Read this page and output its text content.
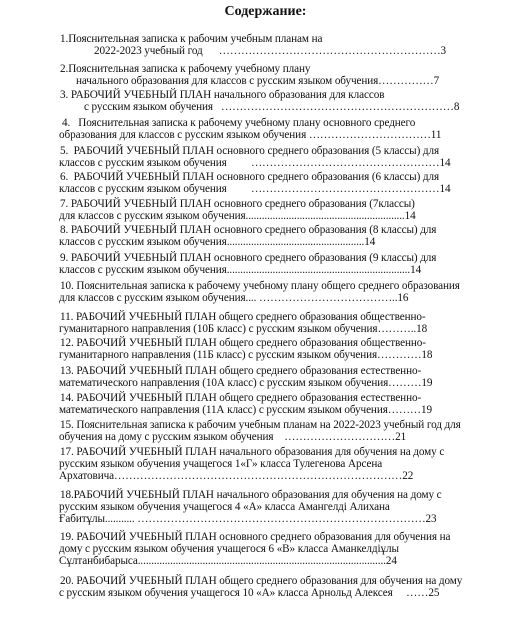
Содержание:

1.Пояснительная записка к рабочим учебным планам на

2022-2023 учебный год      ……………………………………………………3

2.Пояснительная записка к рабочему учебному плану

начального образования для классов с русским языком обучения……………7

3. РАБОЧИЙ УЧЕБНЫЙ ПЛАН начального образования для классов

с русским языком обучения   ………………………………………………………8

4.   Пояснительная записка к рабочему учебному плану основного среднего

образования для классов с русским языком обучения ……………………………11

5.  РАБОЧИЙ УЧЕБНЫЙ ПЛАН основного среднего образования (5 классы) для

классов с русским языком обучения         ……………………………………………14

6.  РАБОЧИЙ УЧЕБНЫЙ ПЛАН основного среднего образования (6 классы) для

классов с русским языком обучения         ……………………………………………14

7. РАБОЧИЙ УЧЕБНЫЙ ПЛАН основного среднего образования (7классы)

для классов с русским языком обучения...........................................................14

8. РАБОЧИЙ УЧЕБНЫЙ ПЛАН основного среднего образования (8 классы) для

классов с русским языком обучения...................................................14

9. РАБОЧИЙ УЧЕБНЫЙ ПЛАН основного среднего образования (9 классы) для

классов с русским языком обучения....................................................................14

10. Пояснительная записка к рабочему учебному плану общего среднего образования

для классов с русским языком обучения.... ………………………………..16

11. РАБОЧИЙ УЧЕБНЫЙ ПЛАН общего среднего образования общественно-

гуманитарного направления (10Б класс) с русским языком обучения………..18

12. РАБОЧИЙ УЧЕБНЫЙ ПЛАН общего среднего образования общественно-

гуманитарного направления (11Б класс) с русским языком обучения…………18

13. РАБОЧИЙ УЧЕБНЫЙ ПЛАН общего среднего образования естественно-

математического направления (10А класс) с русским языком обучения………19

14. РАБОЧИЙ УЧЕБНЫЙ ПЛАН общего среднего образования естественно-

математического направления (11А класс) с русским языком обучения………19

15. Пояснительная записка к рабочим учебным планам на 2022-2023 учебный год для

обучения на дому с русским языком обучения    …………………………21

17. РАБОЧИЙ УЧЕБНЫЙ ПЛАН начального образования для обучения на дому с

русским языком обучения учащегося 1«Г» класса Тулегенова Арсена

Архатовича……………………………………………………………………22

18.РАБОЧИЙ УЧЕБНЫЙ ПЛАН начального образования для обучения на дому с

русским языком обучения учащегося 4 «А» класса Амангелді Алихана

Ғабитұлы........... ……………………………………………………………………23

19. РАБОЧИЙ УЧЕБНЫЙ ПЛАН основного среднего образования для обучения на

дому с русским языком обучения учащегося 6 «В» класса Аманкелдіұлы

Сұлтанбибарыса............................................................................................24

20. РАБОЧИЙ УЧЕБНЫЙ ПЛАН общего среднего образования для обучения на дому

с русским языком обучения учащегося 10 «А» класса Арнольд Алексея     ……25
